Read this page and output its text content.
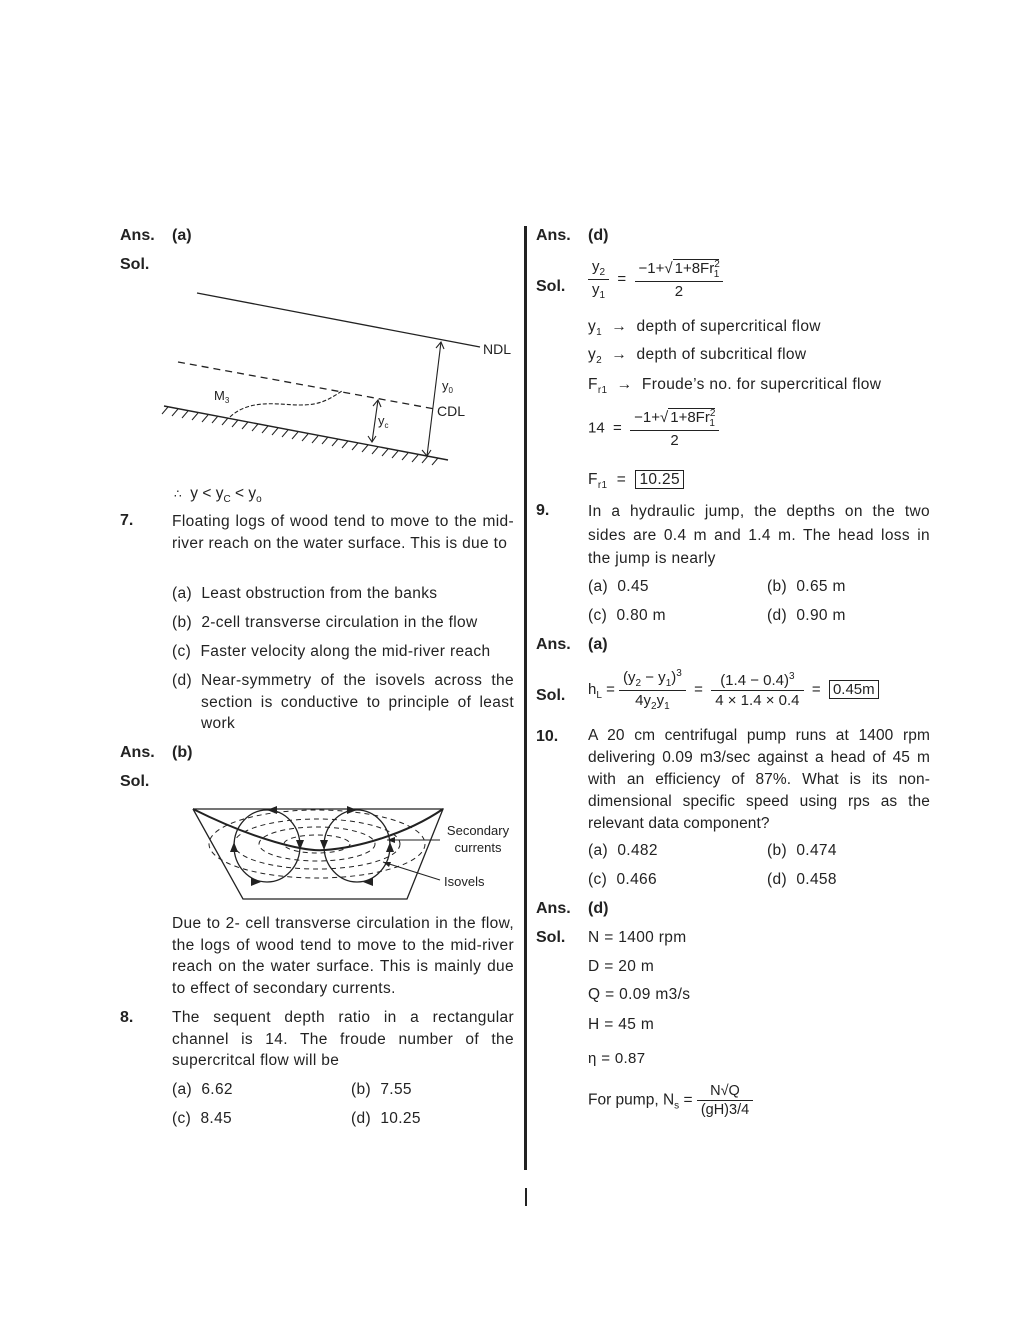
Ans. (a)
Sol.
NDL
CDL
$M_3$
$y_0$
$y_c$
∴ $y < y_C < y_o$
7. Floating logs of wood tend to move to the mid-river reach on the water surface. This is due to
(a) Least obstruction from the banks
(b) 2-cell transverse circulation in the flow
(c) Faster velocity along the mid-river reach
(d) Near-symmetry of the isovels across the section is conductive to principle of least work
Ans. (b)
Sol.
Secondary
currents
Isovels
Due to 2- cell transverse circulation in the flow, the logs of wood tend to move to the mid-river reach on the water surface. This is mainly due to effect of secondary currents.
8. The sequent depth ratio in a rectangular channel is 14. The froude number of the supercritcal flow will be
(a) 6.62	(b) 7.55
(c) 8.45	(d) 10.25
Ans. (d)
Sol. $\frac{y_2}{y_1} = \frac{-1+√ 1+8Fr^2_1}{2}$
$y_1$  →  depth of supercritical flow
$y_2$  →  depth of subcritical flow
$F_{r1}$  →  Froude’s no. for supercritical flow
$14 = \frac{-1+√ 1+8Fr^2_1}{2}$
$F_{r1} = 10.25$
9. In a hydraulic jump, the depths on the two sides are 0.4 m and 1.4 m. The head loss in the jump is nearly
(a) 0.45	(b) 0.65 m
(c) 0.80 m	(d) 0.90 m
Ans. (a)
Sol. $h_L = \frac{(y_2 - y_1)^3}{4y_2y_1} = \frac{(1.4 - 0.4)^3}{4 \times 1.4 \times 0.4} = 0.45m$
10. A 20 cm centrifugal pump runs at 1400 rpm delivering 0.09 m3/sec against a head of 45 m with an efficiency of 87%. What is its non-dimensional specific speed using rps as the relevant data component?
(a) 0.482	(b) 0.474
(c) 0.466	(d) 0.458
Ans. (d)
Sol. N = 1400 rpm
D = 20 m
Q = 0.09 m3/s
H = 45 m
η = 0.87
For pump, $N_s = \frac{N√Q}{(gH)3/4}$
